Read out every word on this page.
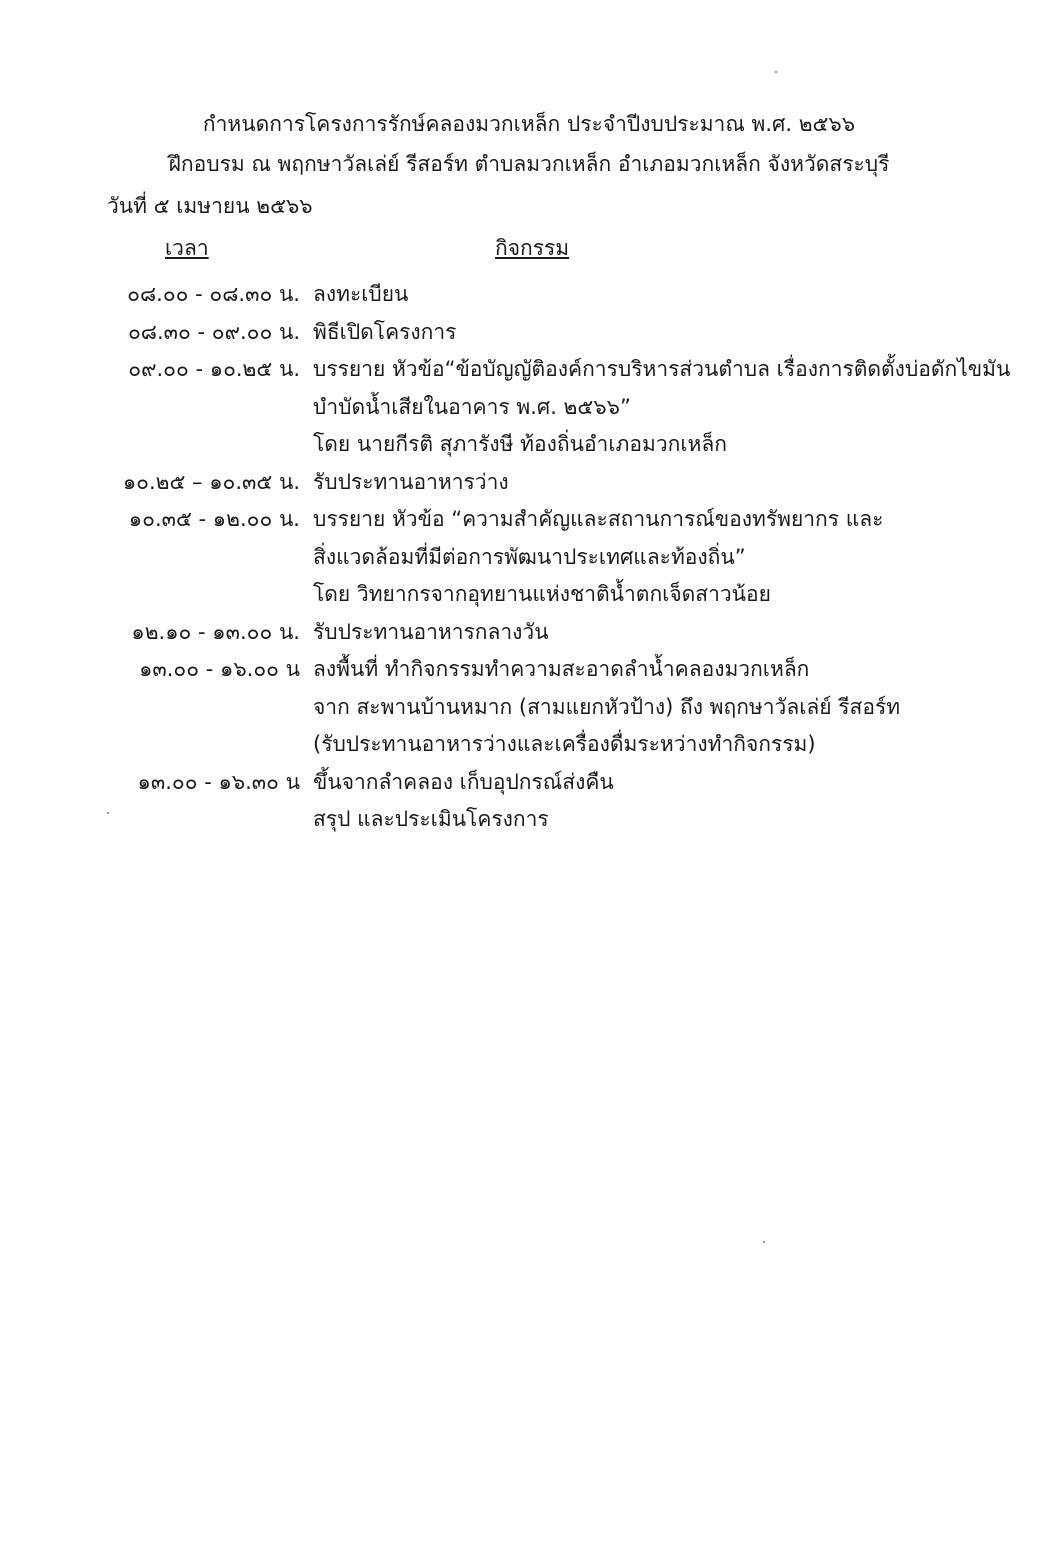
กำหนดการโครงการรักษ์คลองมวกเหล็ก ประจำปีงบประมาณ พ.ศ. ๒๕๖๖
ฝึกอบรม ณ พฤกษาวัลเล่ย์ รีสอร์ท ตำบลมวกเหล็ก อำเภอมวกเหล็ก จังหวัดสระบุรี
วันที่ ๕ เมษายน ๒๕๖๖
เวลา	กิจกรรม
๐๘.๐๐ - ๐๘.๓๐ น. ลงทะเบียน
๐๘.๓๐ - ๐๙.๐๐ น. พิธีเปิดโครงการ
๐๙.๐๐ - ๑๐.๒๕ น. บรรยาย หัวข้อ“ข้อบัญญัติองค์การบริหารส่วนตำบล เรื่องการติดตั้งบ่อดักไขมัน
บำบัดน้ำเสียในอาคาร พ.ศ. ๒๕๖๖”
โดย นายกีรติ สุภารังษี ท้องถิ่นอำเภอมวกเหล็ก
๑๐.๒๕ – ๑๐.๓๕ น. รับประทานอาหารว่าง
๑๐.๓๕ - ๑๒.๐๐ น. บรรยาย หัวข้อ “ความสำคัญและสถานการณ์ของทรัพยากร และ
สิ่งแวดล้อมที่มีต่อการพัฒนาประเทศและท้องถิ่น”
โดย วิทยากรจากอุทยานแห่งชาติน้ำตกเจ็ดสาวน้อย
๑๒.๑๐ - ๑๓.๐๐ น. รับประทานอาหารกลางวัน
๑๓.๐๐ - ๑๖.๐๐ น ลงพื้นที่ ทำกิจกรรมทำความสะอาดลำน้ำคลองมวกเหล็ก
จาก สะพานบ้านหมาก (สามแยกหัวป้าง) ถึง พฤกษาวัลเล่ย์ รีสอร์ท
(รับประทานอาหารว่างและเครื่องดื่มระหว่างทำกิจกรรม)
๑๓.๐๐ - ๑๖.๓๐ น ขึ้นจากลำคลอง เก็บอุปกรณ์ส่งคืน
สรุป และประเมินโครงการ
